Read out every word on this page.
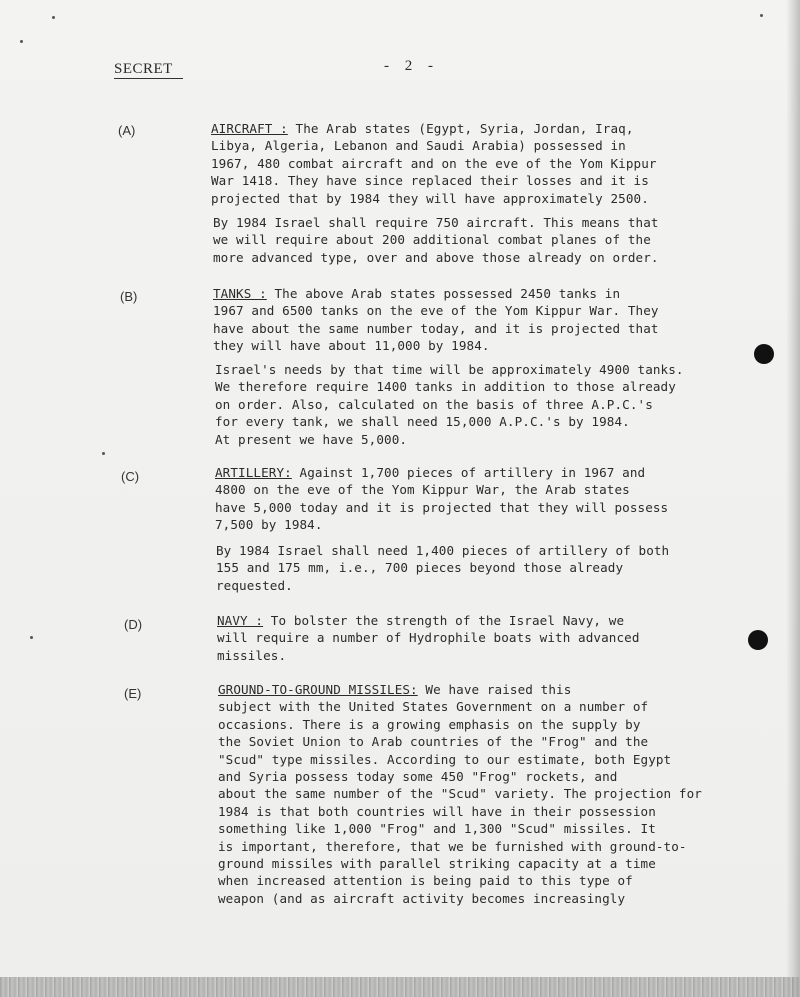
SECRET	- 2 -
(A)	AIRCRAFT : The Arab states (Egypt, Syria, Jordan, Iraq,
Libya, Algeria, Lebanon and Saudi Arabia) possessed in
1967, 480 combat aircraft and on the eve of the Yom Kippur
War 1418. They have since replaced their losses and it is
projected that by 1984 they will have approximately 2500.
By 1984 Israel shall require 750 aircraft. This means that
we will require about 200 additional combat planes of the
more advanced type, over and above those already on order.
(B)	TANKS : The above Arab states possessed 2450 tanks in
1967 and 6500 tanks on the eve of the Yom Kippur War. They
have about the same number today, and it is projected that
they will have about 11,000 by 1984.
Israel's needs by that time will be approximately 4900 tanks.
We therefore require 1400 tanks in addition to those already
on order. Also, calculated on the basis of three A.P.C.'s
for every tank, we shall need 15,000 A.P.C.'s by 1984.
At present we have 5,000.
(C)	ARTILLERY: Against 1,700 pieces of artillery in 1967 and
4800 on the eve of the Yom Kippur War, the Arab states
have 5,000 today and it is projected that they will possess
7,500 by 1984.
By 1984 Israel shall need 1,400 pieces of artillery of both
155 and 175 mm, i.e., 700 pieces beyond those already
requested.
(D)	NAVY : To bolster the strength of the Israel Navy, we
will require a number of Hydrophile boats with advanced
missiles.
(E)	GROUND-TO-GROUND MISSILES: We have raised this
subject with the United States Government on a number of
occasions. There is a growing emphasis on the supply by
the Soviet Union to Arab countries of the "Frog" and the
"Scud" type missiles. According to our estimate, both Egypt
and Syria possess today some 450 "Frog" rockets, and
about the same number of the "Scud" variety. The projection for
1984 is that both countries will have in their possession
something like 1,000 "Frog" and 1,300 "Scud" missiles. It
is important, therefore, that we be furnished with ground-to-
ground missiles with parallel striking capacity at a time
when increased attention is being paid to this type of
weapon (and as aircraft activity becomes increasingly
